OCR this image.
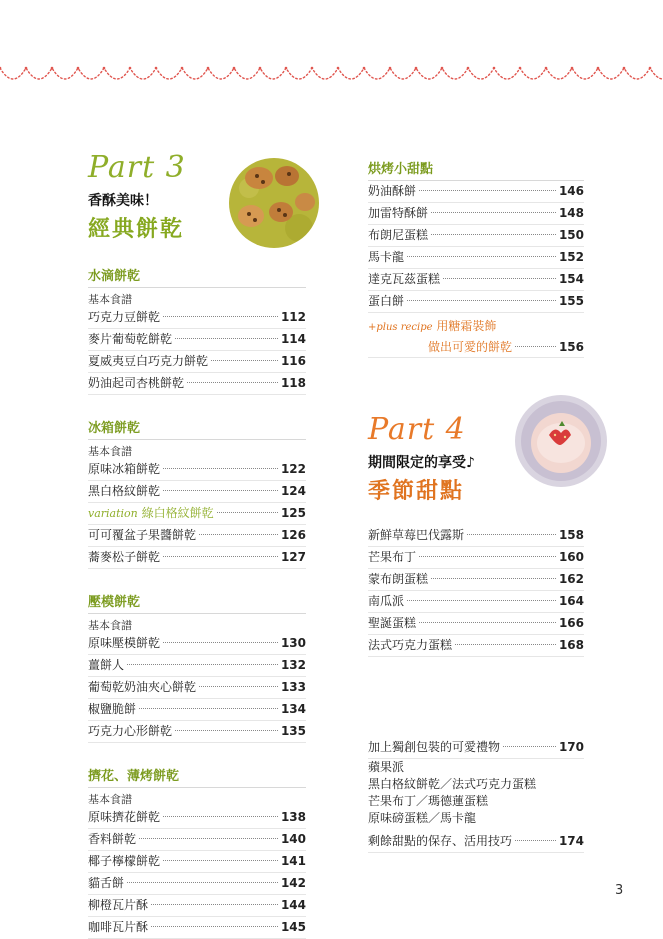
Part 3
香酥美味！
經典餅乾
水滴餅乾
基本食譜
巧克力豆餅乾	112
麥片葡萄乾餅乾	114
夏威夷豆白巧克力餅乾	116
奶油起司杏桃餅乾	118
冰箱餅乾
基本食譜
原味冰箱餅乾	122
黑白格紋餅乾	124
variation 綠白格紋餅乾	125
可可覆盆子果醬餅乾	126
蕎麥松子餅乾	127
壓模餅乾
基本食譜
原味壓模餅乾	130
薑餅人	132
葡萄乾奶油夾心餅乾	133
椒鹽脆餅	134
巧克力心形餅乾	135
擠花、薄烤餅乾
基本食譜
原味擠花餅乾	138
香料餅乾	140
椰子檸檬餅乾	141
貓舌餅	142
柳橙瓦片酥	144
咖啡瓦片酥	145
烘烤小甜點
奶油酥餅	146
加雷特酥餅	148
布朗尼蛋糕	150
馬卡龍	152
達克瓦茲蛋糕	154
蛋白餅	155
+plus recipe 用糖霜裝飾
做出可愛的餅乾	156
Part 4
期間限定的享受♪
季節甜點
新鮮草莓巴伐露斯	158
芒果布丁	160
蒙布朗蛋糕	162
南瓜派	164
聖誕蛋糕	166
法式巧克力蛋糕	168
加上獨創包裝的可愛禮物	170
蘋果派
黑白格紋餅乾／法式巧克力蛋糕
芒果布丁／瑪德蓮蛋糕
原味磅蛋糕／馬卡龍
剩餘甜點的保存、活用技巧	174
3
